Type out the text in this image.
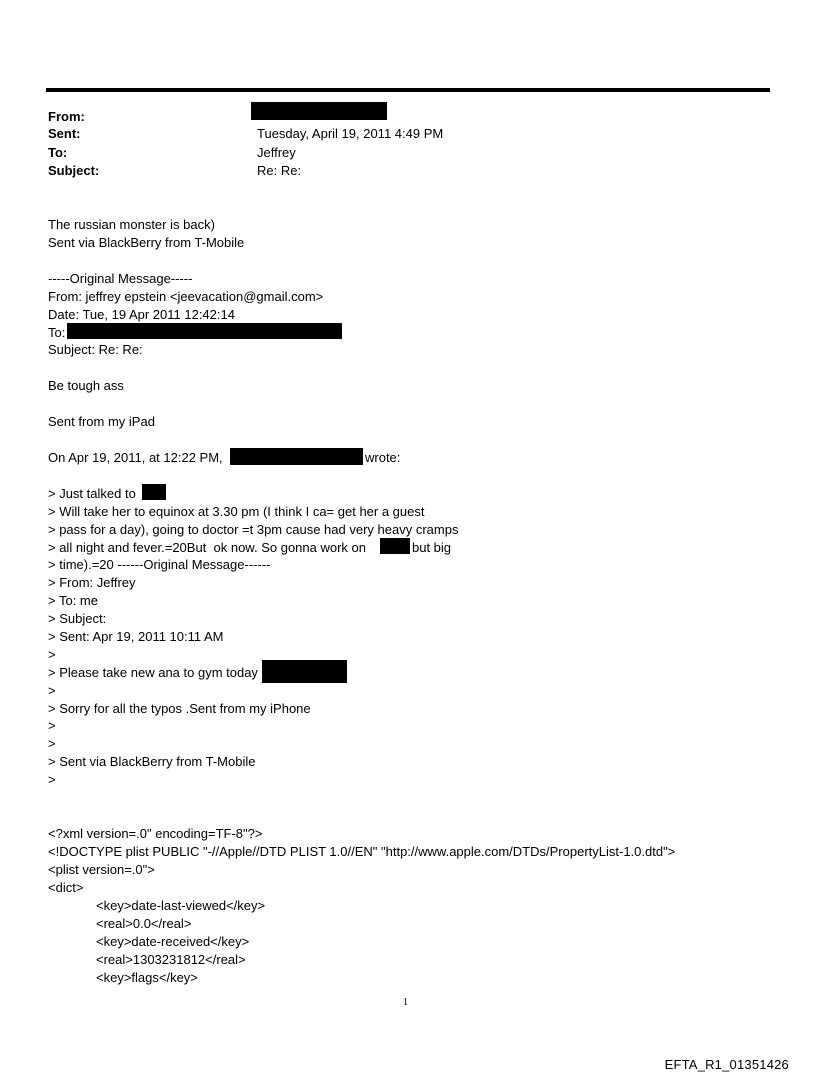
From:
Sent:	Tuesday, April 19, 2011 4:49 PM
To:	Jeffrey
Subject:	Re: Re:
The russian monster is back)
Sent via BlackBerry from T-Mobile
-----Original Message-----
From: jeffrey epstein <jeevacation@gmail.com>
Date: Tue, 19 Apr 2011 12:42:14
To:
Subject: Re: Re:
Be tough ass
Sent from my iPad
On Apr 19, 2011, at 12:22 PM,	wrote:
> Just talked to
> Will take her to equinox at 3.30 pm (I think I ca= get her a guest
> pass for a day), going to doctor =t 3pm cause had very heavy cramps
> all night and fever.=20But  ok now. So gonna work on	but big
> time).=20 ------Original Message------
> From: Jeffrey
> To: me
> Subject:
> Sent: Apr 19, 2011 10:11 AM
>
> Please take new ana to gym today
>
> Sorry for all the typos .Sent from my iPhone
>
>
> Sent via BlackBerry from T-Mobile
>
<?xml version=.0" encoding=TF-8"?>
<!DOCTYPE plist PUBLIC "-//Apple//DTD PLIST 1.0//EN" "http://www.apple.com/DTDs/PropertyList-1.0.dtd">
<plist version=.0">
<dict>
<key>date-last-viewed</key>
<real>0.0</real>
<key>date-received</key>
<real>1303231812</real>
<key>flags</key>
1
EFTA_R1_01351426
